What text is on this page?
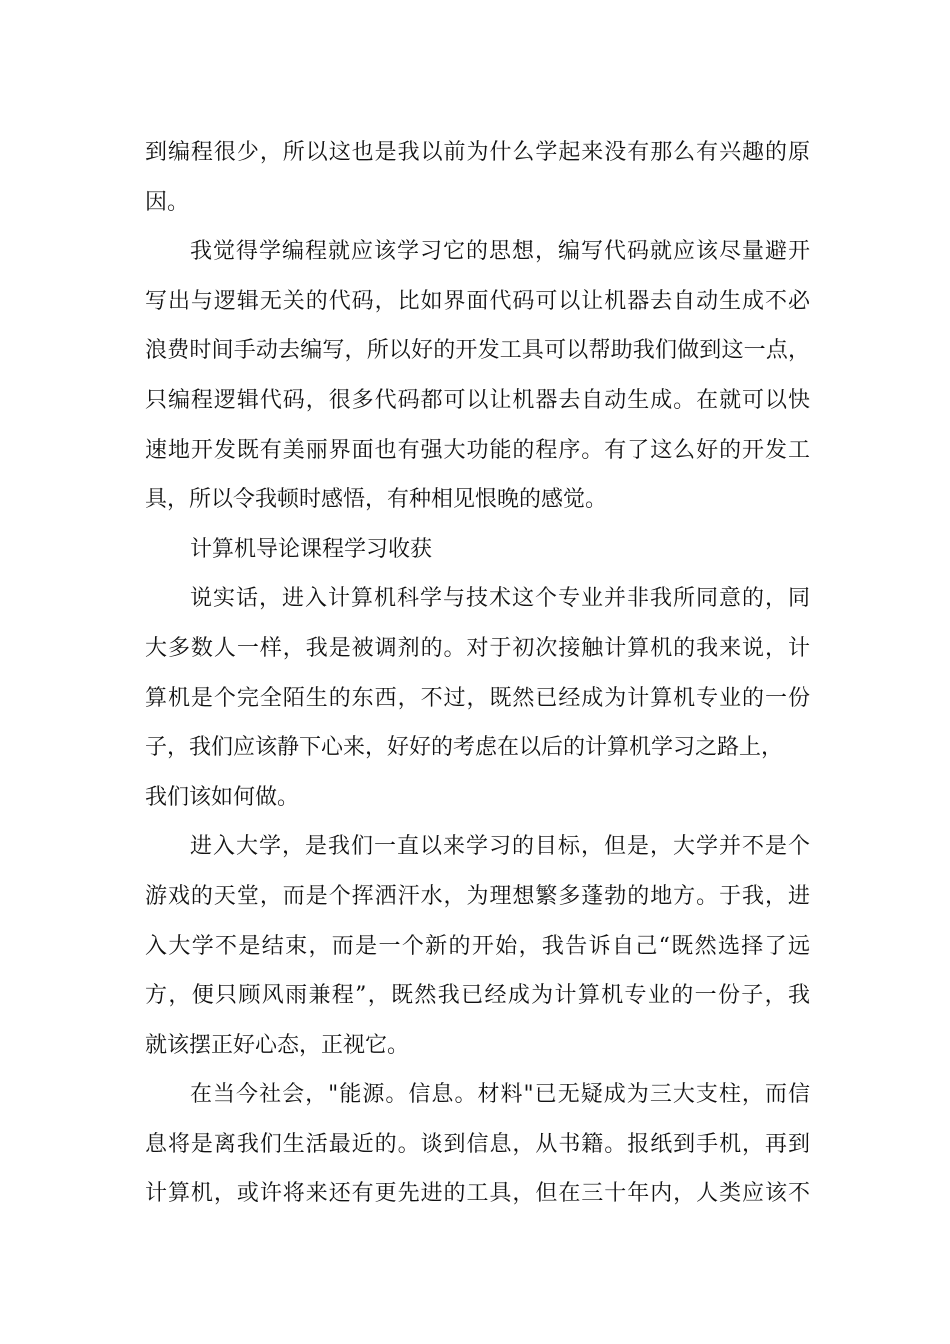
到编程很少，所以这也是我以前为什么学起来没有那么有兴趣的原
因。
我觉得学编程就应该学习它的思想，编写代码就应该尽量避开
写出与逻辑无关的代码，比如界面代码可以让机器去自动生成不必
浪费时间手动去编写，所以好的开发工具可以帮助我们做到这一点，
只编程逻辑代码，很多代码都可以让机器去自动生成。在就可以快
速地开发既有美丽界面也有强大功能的程序。有了这么好的开发工
具，所以令我顿时感悟，有种相见恨晚的感觉。
计算机导论课程学习收获
说实话，进入计算机科学与技术这个专业并非我所同意的，同
大多数人一样，我是被调剂的。对于初次接触计算机的我来说，计
算机是个完全陌生的东西，不过，既然已经成为计算机专业的一份
子，我们应该静下心来，好好的考虑在以后的计算机学习之路上，
我们该如何做。
进入大学，是我们一直以来学习的目标，但是，大学并不是个
游戏的天堂，而是个挥洒汗水，为理想繁多蓬勃的地方。于我，进
入大学不是结束，而是一个新的开始，我告诉自己“既然选择了远
方，便只顾风雨兼程”，既然我已经成为计算机专业的一份子，我
就该摆正好心态，正视它。
在当今社会，"能源。信息。材料"已无疑成为三大支柱，而信
息将是离我们生活最近的。谈到信息，从书籍。报纸到手机，再到
计算机，或许将来还有更先进的工具，但在三十年内，人类应该不
